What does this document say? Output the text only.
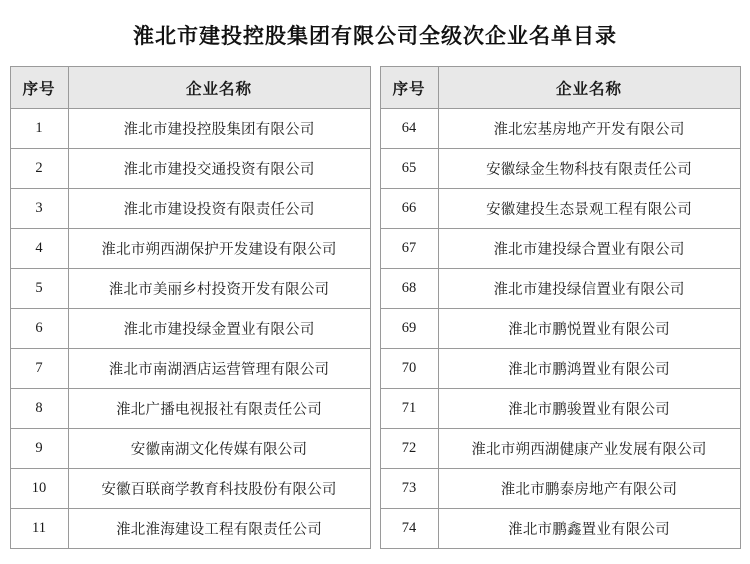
淮北市建投控股集团有限公司全级次企业名单目录
序号	企业名称
1	淮北市建投控股集团有限公司
2	淮北市建投交通投资有限公司
3	淮北市建设投资有限责任公司
4	淮北市朔西湖保护开发建设有限公司
5	淮北市美丽乡村投资开发有限公司
6	淮北市建投绿金置业有限公司
7	淮北市南湖酒店运营管理有限公司
8	淮北广播电视报社有限责任公司
9	安徽南湖文化传媒有限公司
10	安徽百联商学教育科技股份有限公司
11	淮北淮海建设工程有限责任公司
序号	企业名称
64	淮北宏基房地产开发有限公司
65	安徽绿金生物科技有限责任公司
66	安徽建投生态景观工程有限公司
67	淮北市建投绿合置业有限公司
68	淮北市建投绿信置业有限公司
69	淮北市鹏悦置业有限公司
70	淮北市鹏鸿置业有限公司
71	淮北市鹏骏置业有限公司
72	淮北市朔西湖健康产业发展有限公司
73	淮北市鹏泰房地产有限公司
74	淮北市鹏鑫置业有限公司
